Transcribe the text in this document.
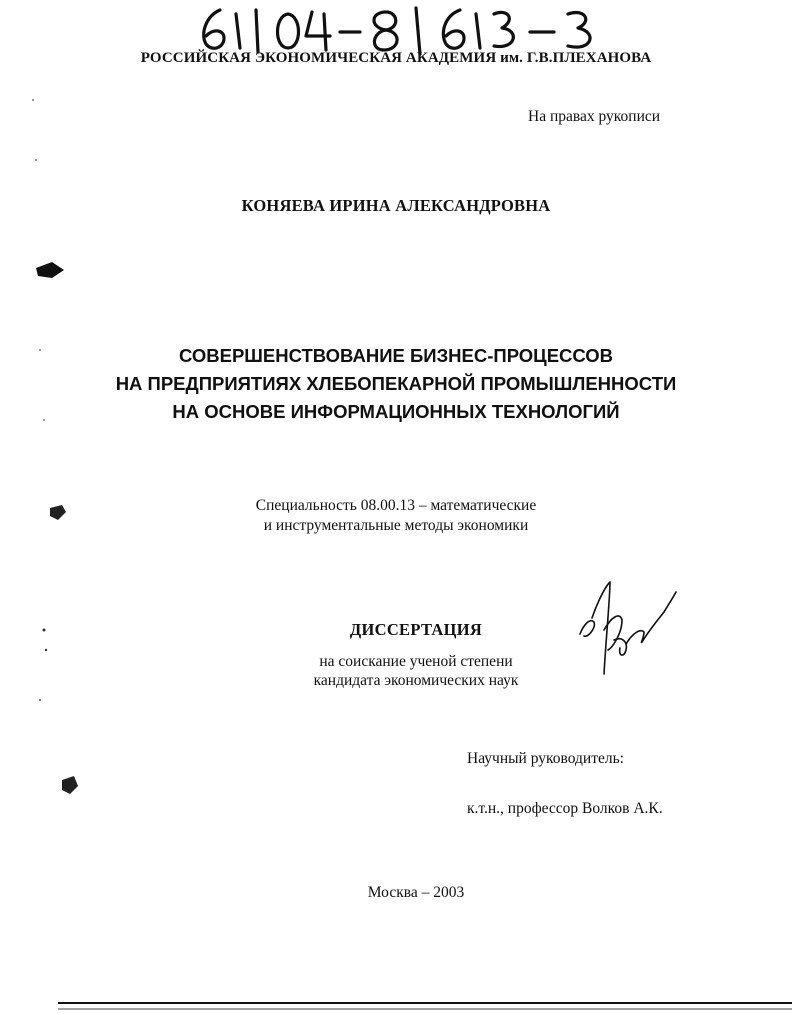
РОССИЙСКАЯ ЭКОНОМИЧЕСКАЯ АКАДЕМИЯ им. Г.В.ПЛЕХАНОВА
На правах рукописи
КОНЯЕВА ИРИНА АЛЕКСАНДРОВНА
СОВЕРШЕНСТВОВАНИЕ БИЗНЕС-ПРОЦЕССОВ
НА ПРЕДПРИЯТИЯХ ХЛЕБОПЕКАРНОЙ ПРОМЫШЛЕННОСТИ
НА ОСНОВЕ ИНФОРМАЦИОННЫХ ТЕХНОЛОГИЙ
Специальность 08.00.13 – математические
и инструментальные методы экономики
ДИССЕРТАЦИЯ
на соискание ученой степени
кандидата экономических наук
Научный руководитель:
к.т.н., профессор Волков А.К.
Москва – 2003
